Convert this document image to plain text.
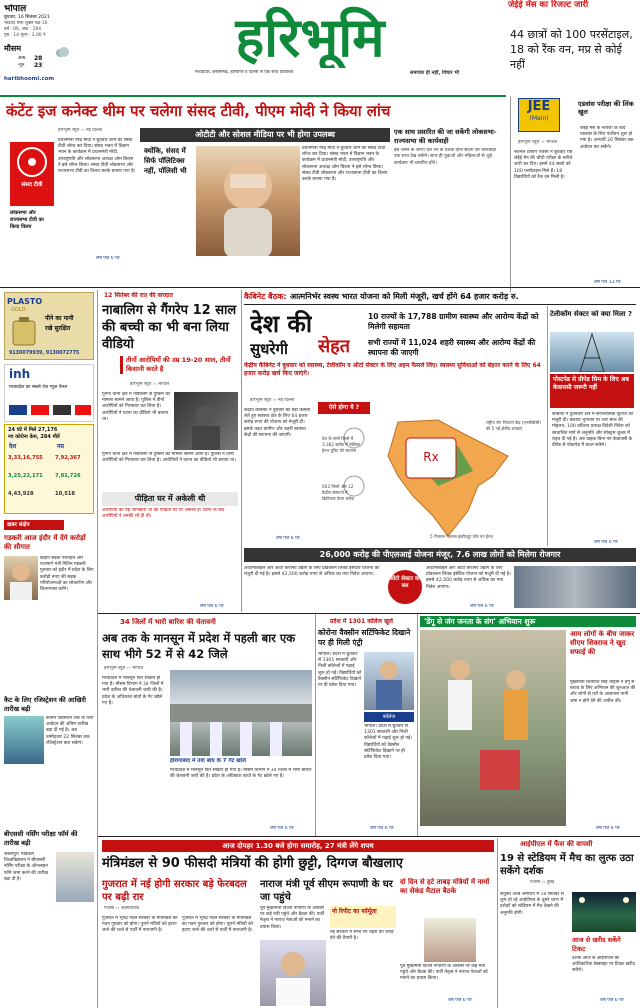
भोपाल
बुधवार, 16 सितंबर 2021
भाद्रपद मास शुक्ल पक्ष-10
वर्ष : 06, अंक : 194
पृष्ठ : 14 मूल्य : 3.00 ₹
मौसम
अधि. 28
न्यून. 23
haribhoomi.com
हरिभूमि
मध्यप्रदेश, छत्तीसगढ़, हरियाणा व दिल्ली से एक साथ प्रकाशित	समाचार ही नहीं, विचार भी
जेईई मेंस का रिजल्ट जारी
44 छात्रों को 100 परसेंटाइल, 18 को रैंक वन, मप्र से कोई नहीं
कंटेंट इज कनेक्ट थीम पर चलेगा संसद टीवी, पीएम मोदी ने किया लांच
हरिभूमि ब्यूरो ›› नई दिल्ली
संसद टीवी
लोकसभा और राज्यसभा टीवी का किया विलय
प्रधानमंत्री नरेंद्र मोदी ने बुधवार शाम को संसद टीवी लॉन्च कर दिया। संसद भवन में विज्ञान भवन के कार्यक्रम में प्रधानमंत्री मोदी, उपराष्ट्रपति और लोकसभा अध्यक्ष ओम बिरला ने इसे लॉन्च किया। संसद टीवी लोकसभा और राज्यसभा टीवी का विलय करके बनाया गया है।
शेष पेज 6 पर
ओटीटी और सोशल मीडिया पर भी होगा उपलब्ध
क्योंकि, संसद में सिर्फ पॉलिटिक्स नहीं, पॉलिसी भी
प्रधानमंत्री नरेंद्र मोदी ने बुधवार शाम को संसद टीवी लॉन्च कर दिया। संसद भवन में विज्ञान भवन के कार्यक्रम में प्रधानमंत्री मोदी, उपराष्ट्रपति और लोकसभा अध्यक्ष ओम बिरला ने इसे लॉन्च किया। संसद टीवी लोकसभा और राज्यसभा टीवी का विलय करके बनाया गया है।
एक साथ प्रसारित की जा सकेंगी लोकसभा-राज्यसभा की कार्यवाही
इस चैनल के जरिए देश भर के दर्शक दोनों सदनों की कार्यवाही एक साथ देख सकेंगे। साथ ही युवाओं और महिलाओं से जुड़े कार्यक्रम भी प्रसारित होंगे।
JEE
(Main)
एडवांस परीक्षा की लिंक खुल
हरिभूमि ब्यूरो ›› भोपाल
नेशनल टेस्टिंग एजेंसी ने बुधवार रात जेईई मेन की चौथी परीक्षा के नतीजे जारी कर दिए। इसमें 44 छात्रों को 100 परसेंटाइल मिले हैं। 18 विद्यार्थियों को रैंक वन मिली है।
जेईई मेंस के नतीजों के बाद एडवांस के लिए पंजीयन शुरू हो गया है। अभ्यर्थी 20 सितंबर तक आवेदन कर सकेंगे।
शेष पेज 13 पर
PLASTO
GOLD
पीने का पानी
रखे सुरक्षित
9130079939, 9130072775
inh
मध्यप्रदेश का सबसे तेज़ न्यूज़ चैनल
24 घंटे में मिले 27,176
नए कोरोना केस, 284 मौतें
देश	मप्र
3,33,16,755 7,92,367
3,25,22,171 7,81,726
4,43,928	10,518
खबर संक्षेप
गडकरी आज इंदौर में देंगे करोड़ों की सौगात
केंद्रीय सड़क परिवहन और राजमार्ग मंत्री नितिन गडकरी गुरुवार को इंदौर में प्रदेश के लिए करोड़ों रुपए की सड़क परियोजनाओं का लोकार्पण और शिलान्यास करेंगे।
कैट के लिए रजिस्ट्रेशन की आखिरी तारीख बढ़ी
कॉमन एडमिशन टेस्ट के लिए आवेदन की अंतिम तारीख बढ़ा दी गई है। अब उम्मीदवार 22 सितंबर तक रजिस्ट्रेशन करा सकेंगे।
बीएससी नर्सिंग परीक्षा फॉर्म की तारीख बढ़ी
जबलपुर। मेडिकल विश्वविद्यालय ने बीएससी नर्सिंग परीक्षा के ऑनलाइन फॉर्म जमा करने की तारीख बढ़ा दी है।
12 सितंबर की रात की वारदात
नाबालिग से गैंगरेप 12 साल की बच्ची का भी बना लिया वीडियो
तीनों आरोपियों की उम्र 19-20 साल, तीनों किसानी करते है
हरिभूमि ब्यूरो ›› भोपाल
गुनगा थाना क्षेत्र में नाबालिग से दुष्कर्म का मामला सामने आया है। पुलिस ने तीनों आरोपियों को गिरफ्तार कर लिया है। आरोपियों ने घटना का वीडियो भी बनाया था।
गुनगा थाना क्षेत्र में नाबालिग से दुष्कर्म का मामला सामने आया है। पुलिस ने तीनों आरोपियों को गिरफ्तार कर लिया है। आरोपियों ने घटना का वीडियो भी बनाया था।
पीड़िता घर में अकेली थी
आरोपियों को यह जानकारी थी कि पीड़िता घर पर अकेली है। घटना के बाद आरोपियों ने धमकी भी दी थी।
शेष पेज 6 पर
कैबिनेट बैठक: आत्मनिर्भर स्वस्थ भारत योजना को मिली मंजूरी, खर्च होंगे 64 हजार करोड़ रु.
देश की
सुधरेगी सेहत
10 राज्यों के 17,788 ग्रामीण स्वास्थ्य और आरोग्य केंद्रों को मिलेगी सहायता
सभी राज्यों में 11,024 शहरी स्वास्थ्य और आरोग्य केंद्रों की स्थापना की जाएगी
केंद्रीय कैबिनेट ने बुधवार को स्वास्थ्य, टेलीकॉम व ऑटो सेक्टर के लिए अहम फैसले लिए। स्वास्थ्य सुविधाओं को बेहतर करने के लिए 64 हजार करोड़ खर्च किए जाएंगे।
हरिभूमि ब्यूरो ›› नई दिल्ली
केंद्रीय कैबिनेट ने बुधवार को बड़ा फैसला लेते हुए स्वास्थ्य क्षेत्र के लिए 64 हजार करोड़ रुपए की योजना को मंजूरी दी। इसके तहत ग्रामीण और शहरी स्वास्थ्य केंद्रों की स्थापना की जाएगी।
ऐसे होगा ये ?
Rx
देश के सभी जिलों में 3,382 ब्लॉक में पब्लिक हेल्थ यूनिट की स्थापना
602 जिलों और 12 केंद्रीय संस्थानों में क्रिटिकल केयर ब्लॉक
5 रीजनल नेशनल इंस्टीट्यूट फॉर वन हेल्थ
राष्ट्रीय रोग नियंत्रण केंद्र (एनसीडीसी) की 5 नई क्षेत्रीय शाखाएं
शेष पेज 6 पर
26,000 करोड़ की पीएलआई योजना मंजूर, 7.6 लाख लोगों को मिलेगा रोजगार
ऑटोमोबाइल और ऑटो कंपोनेंट उद्योग के लिए प्रोडक्शन लिंक्ड इंसेंटिव योजना को मंजूरी दी गई है। इससे 42,500 करोड़ रुपए से अधिक का नया निवेश आएगा।
ऑटो सेक्टर को बल
ऑटोमोबाइल और ऑटो कंपोनेंट उद्योग के लिए प्रोडक्शन लिंक्ड इंसेंटिव योजना को मंजूरी दी गई है। इससे 42,500 करोड़ रुपए से अधिक का नया निवेश आएगा।
शेष पेज 6 पर
टेलीकॉम सेक्टर को क्या मिला ?
पोस्टपेड से प्रीपेड सिम के लिए अब केवायसी जरूरी नहीं
कैबिनेट ने दूरसंचार क्षेत्र में संरचनात्मक सुधारों को मंजूरी दी। बकाया भुगतान पर चार साल की मोहलत, 100 प्रतिशत प्रत्यक्ष विदेशी निवेश को स्वचालित मार्ग से अनुमति और स्पेक्ट्रम शुल्क में राहत दी गई है। अब ग्राहक बिना नए केवायसी के प्रीपेड से पोस्टपेड में बदल सकेंगे।
शेष पेज 6 पर
34 जिलों में भारी बारिश की चेतावनी
अब तक के मानसून में प्रदेश में पहली बार एक साथ भीगे 52 में से 42 जिले
हरिभूमि ब्यूरो ›› भोपाल
मध्यप्रदेश में मानसून फिर सक्रिय हो गया है। मौसम विभाग ने 34 जिलों में भारी बारिश की चेतावनी जारी की है। प्रदेश के अधिकांश बांधों के गेट खोले गए हैं।
होशंगाबाद में तवा बांध के 7 गेट खोले
मध्यप्रदेश में मानसून फिर सक्रिय हो गया है। मौसम विभाग ने 34 जिलों में भारी बारिश की चेतावनी जारी की है। प्रदेश के अधिकांश बांधों के गेट खोले गए हैं।
शेष पेज 6 पर
प्रदेश में 1301 कॉलेज खुले
कोरोना वैक्सीन सर्टिफिकेट दिखाने पर ही मिली एंट्री
भोपाल। प्रदेश में बुधवार से 1301 सरकारी और निजी कॉलेजों में पढ़ाई शुरू हो गई। विद्यार्थियों को वैक्सीन सर्टिफिकेट दिखाने पर ही प्रवेश दिया गया।
कॉलेज
भोपाल। प्रदेश में बुधवार से 1301 सरकारी और निजी कॉलेजों में पढ़ाई शुरू हो गई। विद्यार्थियों को वैक्सीन सर्टिफिकेट दिखाने पर ही प्रवेश दिया गया।
शेष पेज 6 पर
'डेंगू से जंग जनता के संग' अभियान शुरू
आम लोगों के बीच जाकर सीएम शिवराज ने खुद सफाई की
मुख्यमंत्री शिवराज सिंह चौहान ने डेंगू से बचाव के लिए अभियान की शुरुआत की और लोगों से घरों के आसपास पानी जमा न होने देने की अपील की।
शेष पेज 6 पर
आज दोपहर 1.30 बजे होगा समारोह, 27 मंत्री लेंगे शपथ
मंत्रिमंडल से 90 फीसदी मंत्रियों की होगी छुट्टी, दिग्गज बौखलाए
गुजरात में नई होगी सरकार बड़े फेरबदल पर बढ़ी रार
एजेंसी ›› अहमदाबाद
गुजरात में भूपेंद्र पटेल सरकार के मंत्रिमंडल का गठन गुरुवार को होगा। पुराने मंत्रियों को हटाए जाने की चर्चा से पार्टी में नाराजगी है।
गुजरात में भूपेंद्र पटेल सरकार के मंत्रिमंडल का गठन गुरुवार को होगा। पुराने मंत्रियों को हटाए जाने की चर्चा से पार्टी में नाराजगी है।
नाराज मंत्री पूर्व सीएम रूपाणी के घर जा पहुंचे
पूर्व मुख्यमंत्री विजय रूपाणी के आवास पर कई मंत्री पहुंचे और बैठक की। पार्टी नेतृत्व ने नाराज नेताओं को मनाने का प्रयास किया।
नो रिपीट का फॉर्मूला
नई सरकार में सभी नए चेहरों को जगह देने की तैयारी है।
दो दिन से हटे ताबड़ मंत्रियों में नामों का सेकंड मैटाल बैठके
पूर्व मुख्यमंत्री विजय रूपाणी के आवास पर कई मंत्री पहुंचे और बैठक की। पार्टी नेतृत्व ने नाराज नेताओं को मनाने का प्रयास किया।
शेष पेज 6 पर
आईपीएल में फैंस की वापसी
19 से स्टेडियम में मैच का लुत्फ उठा सकेंगे दर्शक
एजेंसी ›› दुबई
संयुक्त अरब अमीरात में 19 सितंबर से शुरू हो रहे आईपीएल के दूसरे चरण में दर्शकों को स्टेडियम में मैच देखने की अनुमति होगी।
आज से खरीद सकेंगे टिकट
दर्शक आज से आईपीएल की आधिकारिक वेबसाइट पर टिकट खरीद सकेंगे।
शेष पेज 6 पर
